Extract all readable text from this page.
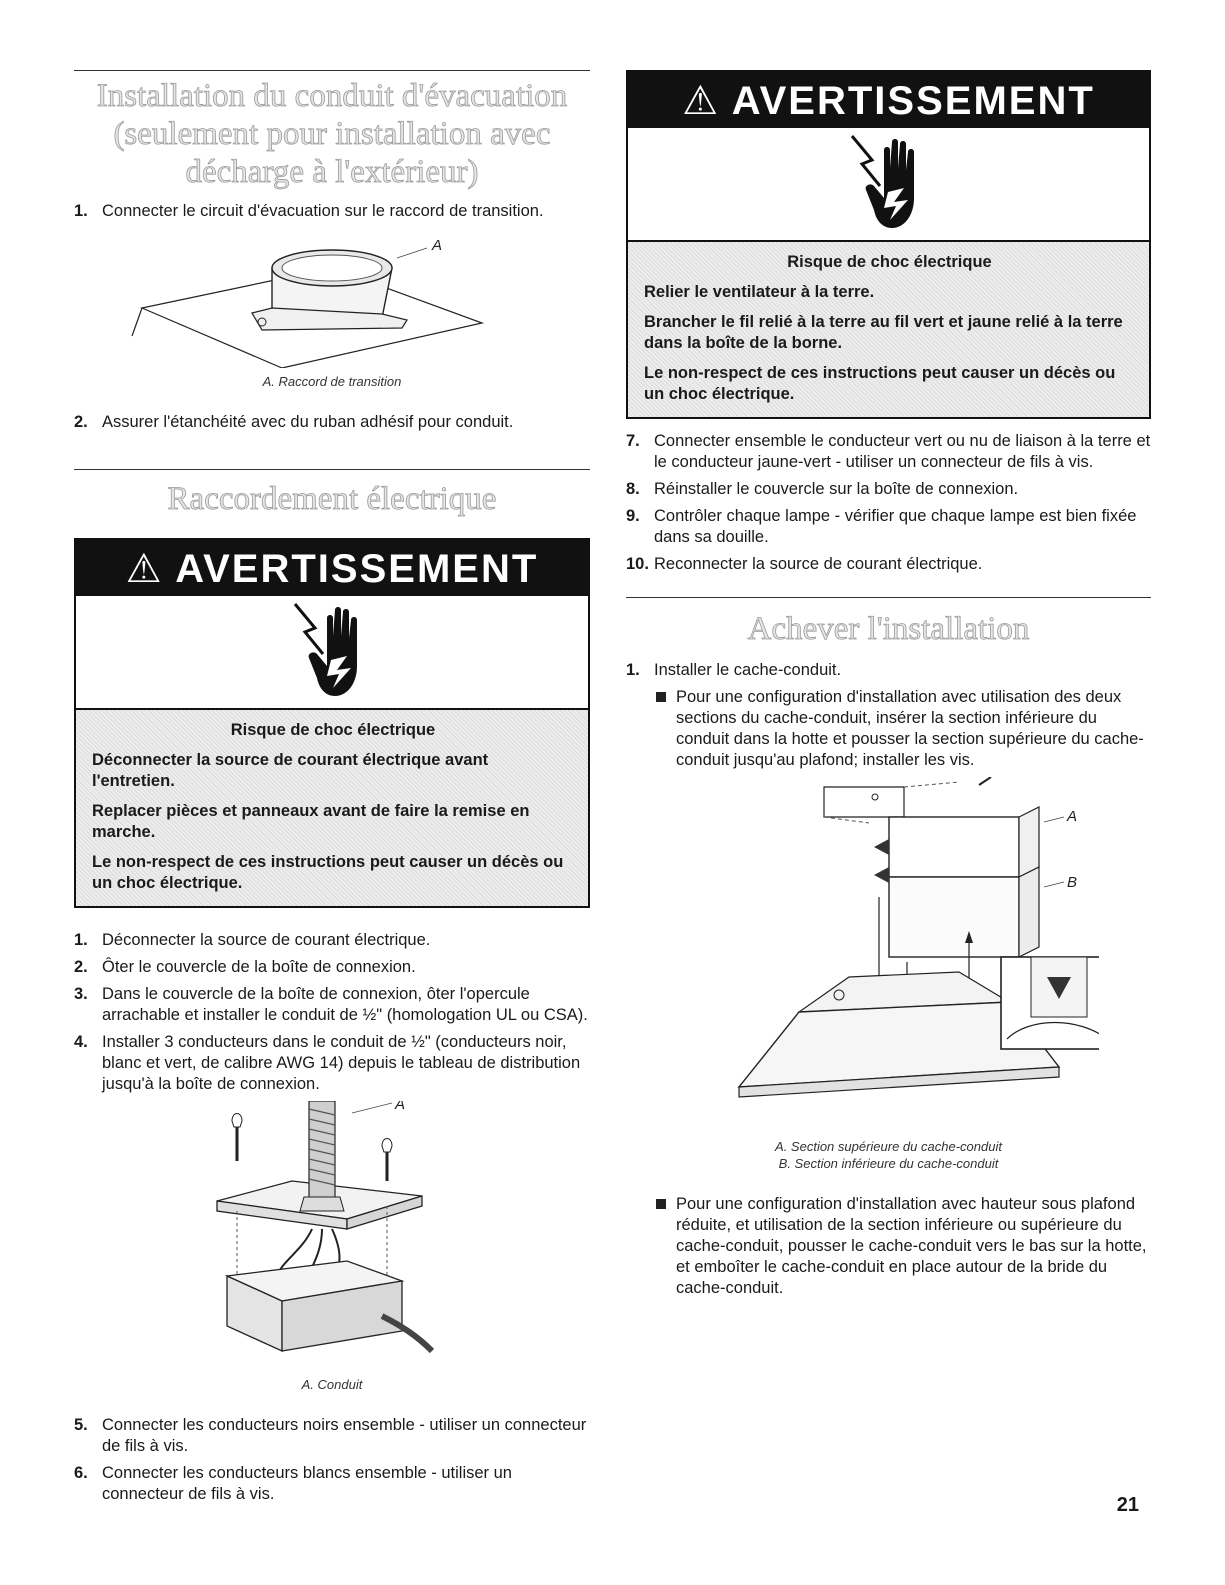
Installation du conduit d'évacuation (seulement pour installation avec décharge à l'extérieur)
1. Connecter le circuit d'évacuation sur le raccord de transition.
A
A. Raccord de transition
2. Assurer l'étanchéité avec du ruban adhésif pour conduit.
Raccordement électrique
⚠ AVERTISSEMENT

Risque de choc électrique

Déconnecter la source de courant électrique avant l'entretien.

Replacer pièces et panneaux avant de faire la remise en marche.

Le non-respect de ces instructions peut causer un décès ou un choc électrique.

1. Déconnecter la source de courant électrique.
2. Ôter le couvercle de la boîte de connexion.
3. Dans le couvercle de la boîte de connexion, ôter l'opercule arrachable et installer le conduit de ½" (homologation UL ou CSA).
4. Installer 3 conducteurs dans le conduit de ½" (conducteurs noir, blanc et vert, de calibre AWG 14) depuis le tableau de distribution jusqu'à la boîte de connexion.
A
A. Conduit
5. Connecter les conducteurs noirs ensemble - utiliser un connecteur de fils à vis.
6. Connecter les conducteurs blancs ensemble - utiliser un connecteur de fils à vis.
⚠ AVERTISSEMENT

Risque de choc électrique

Relier le ventilateur à la terre.

Brancher le fil relié à la terre au fil vert et jaune relié à la terre dans la boîte de la borne.

Le non-respect de ces instructions peut causer un décès ou un choc électrique.

7. Connecter ensemble le conducteur vert ou nu de liaison à la terre et le conducteur jaune-vert - utiliser un connecteur de fils à vis.
8. Réinstaller le couvercle sur la boîte de connexion.
9. Contrôler chaque lampe - vérifier que chaque lampe est bien fixée dans sa douille.
10. Reconnecter la source de courant électrique.
Achever l'installation
1. Installer le cache-conduit.
Pour une configuration d'installation avec utilisation des deux sections du cache-conduit, insérer la section inférieure du conduit dans la hotte et pousser la section supérieure du cache-conduit jusqu'au plafond; installer les vis.
A
B
A. Section supérieure du cache-conduit
B. Section inférieure du cache-conduit
Pour une configuration d'installation avec hauteur sous plafond réduite, et utilisation de la section inférieure ou supérieure du cache-conduit, pousser le cache-conduit vers le bas sur la hotte, et emboîter le cache-conduit en place autour de la bride du cache-conduit.
21
